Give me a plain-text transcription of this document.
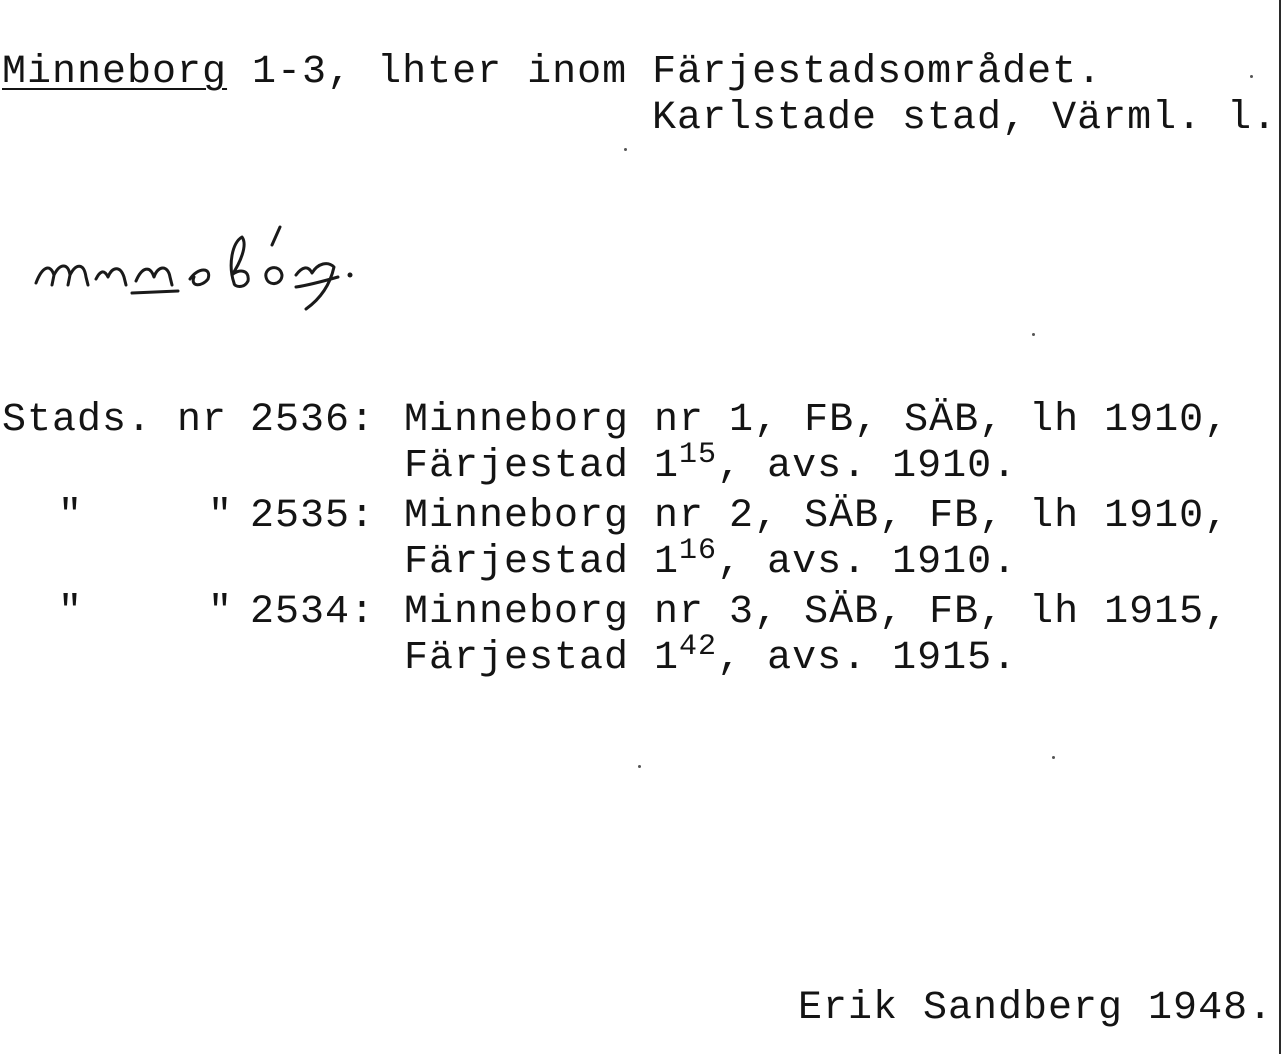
Minneborg 1-3, lhter inom Färjestadsområdet.
Karlstade stad, Värml. l.
Stads. nr 2536: Minneborg nr 1, FB, SÄB, lh 1910,
Färjestad $1^{15}$, avs. 1910.
"     " 2535: Minneborg nr 2, SÄB, FB, lh 1910,
Färjestad $1^{16}$, avs. 1910.
"     " 2534: Minneborg nr 3, SÄB, FB, lh 1915,
Färjestad $1^{42}$, avs. 1915.
Erik Sandberg 1948.
